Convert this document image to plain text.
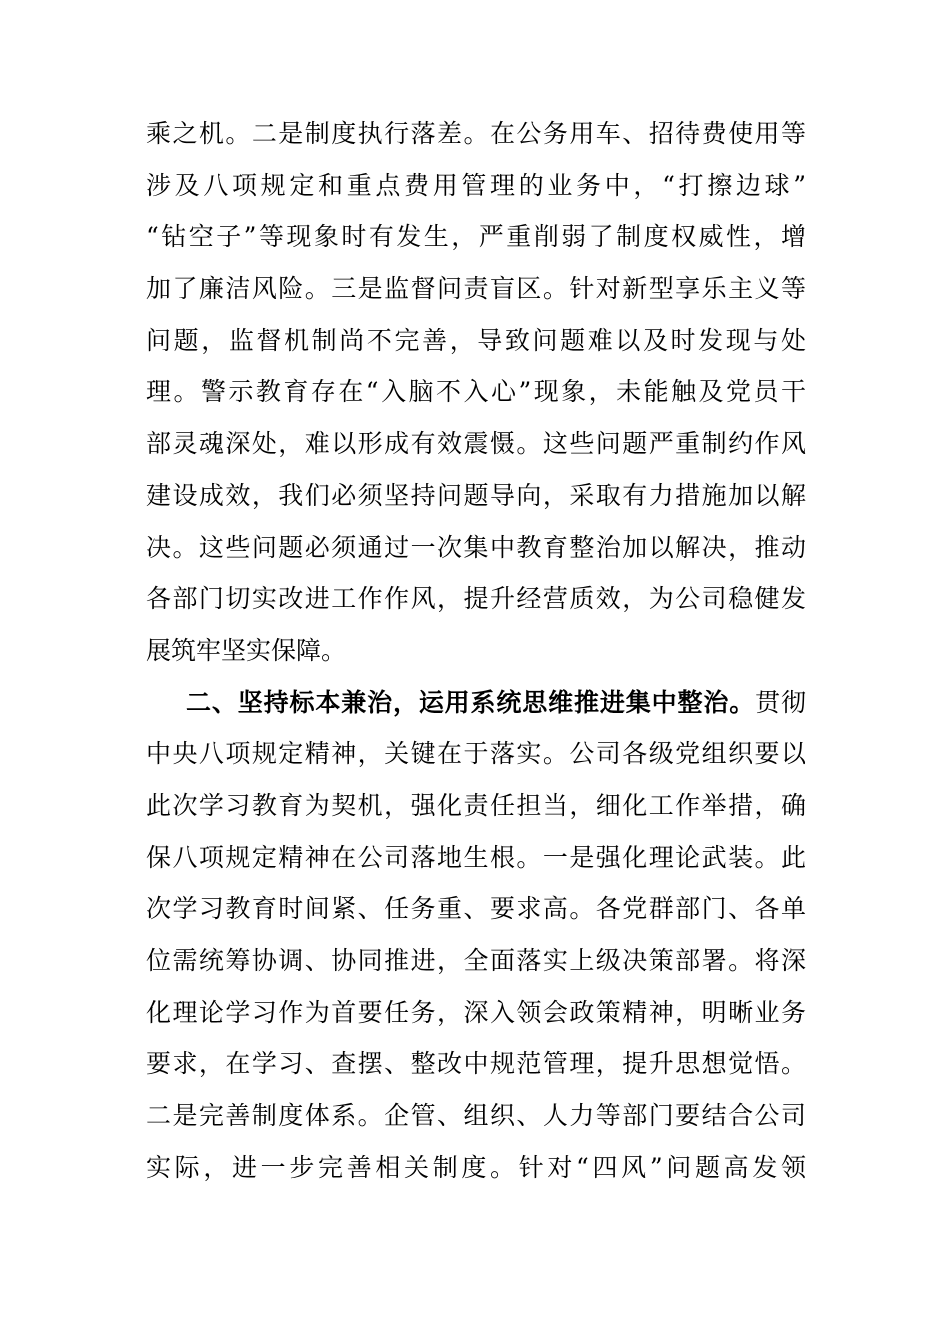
乘之机。二是制度执行落差。在公务用车、招待费使用等
涉及八项规定和重点费用管理的业务中，“打擦边球”
“钻空子”等现象时有发生，严重削弱了制度权威性，增
加了廉洁风险。三是监督问责盲区。针对新型享乐主义等
问题，监督机制尚不完善，导致问题难以及时发现与处
理。警示教育存在“入脑不入心”现象，未能触及党员干
部灵魂深处，难以形成有效震慑。这些问题严重制约作风
建设成效，我们必须坚持问题导向，采取有力措施加以解
决。这些问题必须通过一次集中教育整治加以解决，推动
各部门切实改进工作作风，提升经营质效，为公司稳健发
展筑牢坚实保障。
二、坚持标本兼治，运用系统思维推进集中整治。贯彻
中央八项规定精神，关键在于落实。公司各级党组织要以
此次学习教育为契机，强化责任担当，细化工作举措，确
保八项规定精神在公司落地生根。一是强化理论武装。此
次学习教育时间紧、任务重、要求高。各党群部门、各单
位需统筹协调、协同推进，全面落实上级决策部署。将深
化理论学习作为首要任务，深入领会政策精神，明晰业务
要求，在学习、查摆、整改中规范管理，提升思想觉悟。
二是完善制度体系。企管、组织、人力等部门要结合公司
实际，进一步完善相关制度。针对“四风”问题高发领
